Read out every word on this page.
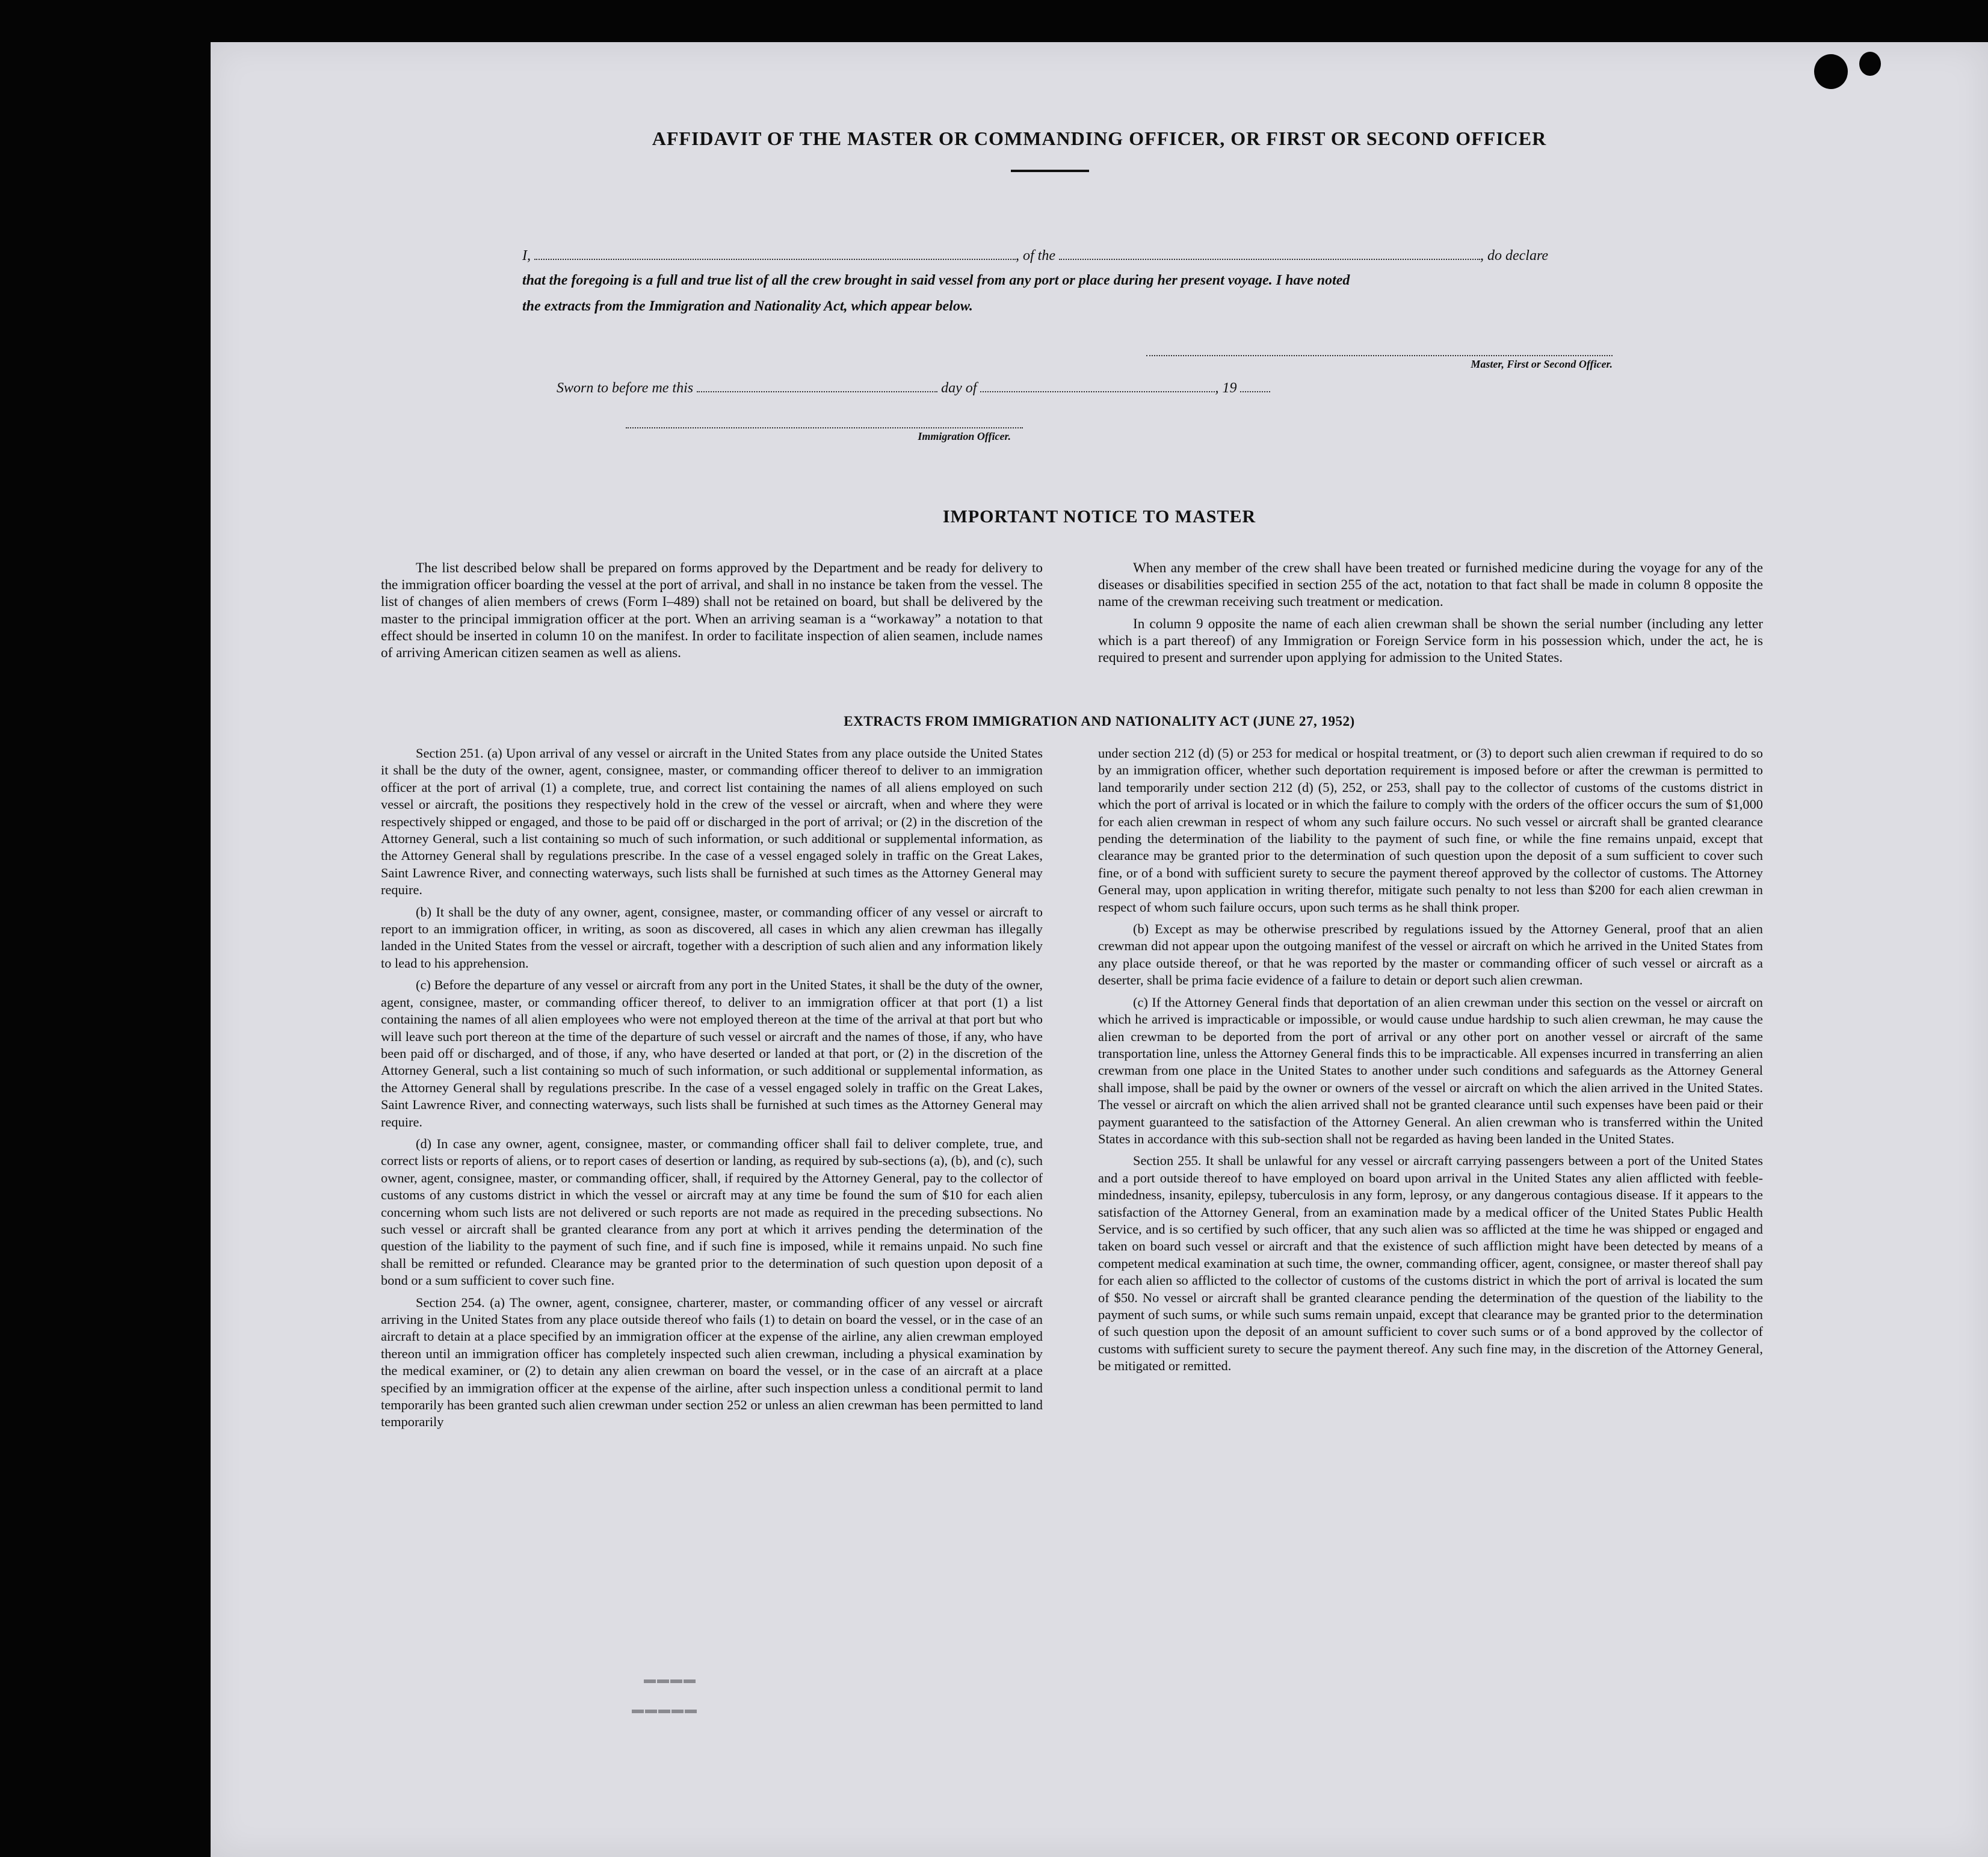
AFFIDAVIT OF THE MASTER OR COMMANDING OFFICER, OR FIRST OR SECOND OFFICER
I,	, of the	, do declare
that the foregoing is a full and true list of all the crew brought in said vessel from any port or place during her present voyage. I have noted
the extracts from the Immigration and Nationality Act, which appear below.
Master, First or Second Officer.
Sworn to before me this	day of	, 19
Immigration Officer.
IMPORTANT NOTICE TO MASTER

The list described below shall be prepared on forms approved by the Department and be ready for delivery to the immigration officer boarding the vessel at the port of arrival, and shall in no instance be taken from the vessel. The list of changes of alien members of crews (Form I–489) shall not be retained on board, but shall be delivered by the master to the principal immigration officer at the port. When an arriving seaman is a “workaway” a notation to that effect should be inserted in column 10 on the manifest. In order to facilitate inspection of alien seamen, include names of arriving American citizen seamen as well as aliens.

When any member of the crew shall have been treated or furnished medicine during the voyage for any of the diseases or disabilities specified in section 255 of the act, notation to that fact shall be made in column 8 opposite the name of the crewman receiving such treatment or medication.

In column 9 opposite the name of each alien crewman shall be shown the serial number (including any letter which is a part thereof) of any Immigration or Foreign Service form in his possession which, under the act, he is required to present and surrender upon applying for admission to the United States.

EXTRACTS FROM IMMIGRATION AND NATIONALITY ACT (JUNE 27, 1952)

Section 251. (a) Upon arrival of any vessel or aircraft in the United States from any place outside the United States it shall be the duty of the owner, agent, consignee, master, or commanding officer thereof to deliver to an immigration officer at the port of arrival (1) a complete, true, and correct list containing the names of all aliens employed on such vessel or aircraft, the positions they respectively hold in the crew of the vessel or aircraft, when and where they were respectively shipped or engaged, and those to be paid off or discharged in the port of arrival; or (2) in the discretion of the Attorney General, such a list containing so much of such information, or such additional or supplemental information, as the Attorney General shall by regulations prescribe. In the case of a vessel engaged solely in traffic on the Great Lakes, Saint Lawrence River, and connecting waterways, such lists shall be furnished at such times as the Attorney General may require.

(b) It shall be the duty of any owner, agent, consignee, master, or commanding officer of any vessel or aircraft to report to an immigration officer, in writing, as soon as discovered, all cases in which any alien crewman has illegally landed in the United States from the vessel or aircraft, together with a description of such alien and any information likely to lead to his apprehension.

(c) Before the departure of any vessel or aircraft from any port in the United States, it shall be the duty of the owner, agent, consignee, master, or commanding officer thereof, to deliver to an immigration officer at that port (1) a list containing the names of all alien employees who were not employed thereon at the time of the arrival at that port but who will leave such port thereon at the time of the departure of such vessel or aircraft and the names of those, if any, who have been paid off or discharged, and of those, if any, who have deserted or landed at that port, or (2) in the discretion of the Attorney General, such a list containing so much of such information, or such additional or supplemental information, as the Attorney General shall by regulations prescribe. In the case of a vessel engaged solely in traffic on the Great Lakes, Saint Lawrence River, and connecting waterways, such lists shall be furnished at such times as the Attorney General may require.

(d) In case any owner, agent, consignee, master, or commanding officer shall fail to deliver complete, true, and correct lists or reports of aliens, or to report cases of desertion or landing, as required by sub-sections (a), (b), and (c), such owner, agent, consignee, master, or commanding officer, shall, if required by the Attorney General, pay to the collector of customs of any customs district in which the vessel or aircraft may at any time be found the sum of $10 for each alien concerning whom such lists are not delivered or such reports are not made as required in the preceding subsections. No such vessel or aircraft shall be granted clearance from any port at which it arrives pending the determination of the question of the liability to the payment of such fine, and if such fine is imposed, while it remains unpaid. No such fine shall be remitted or refunded. Clearance may be granted prior to the determination of such question upon deposit of a bond or a sum sufficient to cover such fine.

Section 254. (a) The owner, agent, consignee, charterer, master, or commanding officer of any vessel or aircraft arriving in the United States from any place outside thereof who fails (1) to detain on board the vessel, or in the case of an aircraft to detain at a place specified by an immigration officer at the expense of the airline, any alien crewman employed thereon until an immigration officer has completely inspected such alien crewman, including a physical examination by the medical examiner, or (2) to detain any alien crewman on board the vessel, or in the case of an aircraft at a place specified by an immigration officer at the expense of the airline, after such inspection unless a conditional permit to land temporarily has been granted such alien crewman under section 252 or unless an alien crewman has been permitted to land temporarily

under section 212 (d) (5) or 253 for medical or hospital treatment, or (3) to deport such alien crewman if required to do so by an immigration officer, whether such deportation requirement is imposed before or after the crewman is permitted to land temporarily under section 212 (d) (5), 252, or 253, shall pay to the collector of customs of the customs district in which the port of arrival is located or in which the failure to comply with the orders of the officer occurs the sum of $1,000 for each alien crewman in respect of whom any such failure occurs. No such vessel or aircraft shall be granted clearance pending the determination of the liability to the payment of such fine, or while the fine remains unpaid, except that clearance may be granted prior to the determination of such question upon the deposit of a sum sufficient to cover such fine, or of a bond with sufficient surety to secure the payment thereof approved by the collector of customs. The Attorney General may, upon application in writing therefor, mitigate such penalty to not less than $200 for each alien crewman in respect of whom such failure occurs, upon such terms as he shall think proper.

(b) Except as may be otherwise prescribed by regulations issued by the Attorney General, proof that an alien crewman did not appear upon the outgoing manifest of the vessel or aircraft on which he arrived in the United States from any place outside thereof, or that he was reported by the master or commanding officer of such vessel or aircraft as a deserter, shall be prima facie evidence of a failure to detain or deport such alien crewman.

(c) If the Attorney General finds that deportation of an alien crewman under this section on the vessel or aircraft on which he arrived is impracticable or impossible, or would cause undue hardship to such alien crewman, he may cause the alien crewman to be deported from the port of arrival or any other port on another vessel or aircraft of the same transportation line, unless the Attorney General finds this to be impracticable. All expenses incurred in transferring an alien crewman from one place in the United States to another under such conditions and safeguards as the Attorney General shall impose, shall be paid by the owner or owners of the vessel or aircraft on which the alien arrived in the United States. The vessel or aircraft on which the alien arrived shall not be granted clearance until such expenses have been paid or their payment guaranteed to the satisfaction of the Attorney General. An alien crewman who is transferred within the United States in accordance with this sub-section shall not be regarded as having been landed in the United States.

Section 255. It shall be unlawful for any vessel or aircraft carrying passengers between a port of the United States and a port outside thereof to have employed on board upon arrival in the United States any alien afflicted with feeble-mindedness, insanity, epilepsy, tuberculosis in any form, leprosy, or any dangerous contagious disease. If it appears to the satisfaction of the Attorney General, from an examination made by a medical officer of the United States Public Health Service, and is so certified by such officer, that any such alien was so afflicted at the time he was shipped or engaged and taken on board such vessel or aircraft and that the existence of such affliction might have been detected by means of a competent medical examination at such time, the owner, commanding officer, agent, consignee, or master thereof shall pay for each alien so afflicted to the collector of customs of the customs district in which the port of arrival is located the sum of $50. No vessel or aircraft shall be granted clearance pending the determination of the question of the liability to the payment of such sums, or while such sums remain unpaid, except that clearance may be granted prior to the determination of such question upon the deposit of an amount sufficient to cover such sums or of a bond approved by the collector of customs with sufficient surety to secure the payment thereof. Any such fine may, in the discretion of the Attorney General, be mitigated or remitted.

▬▬▬▬
▬▬▬▬▬
